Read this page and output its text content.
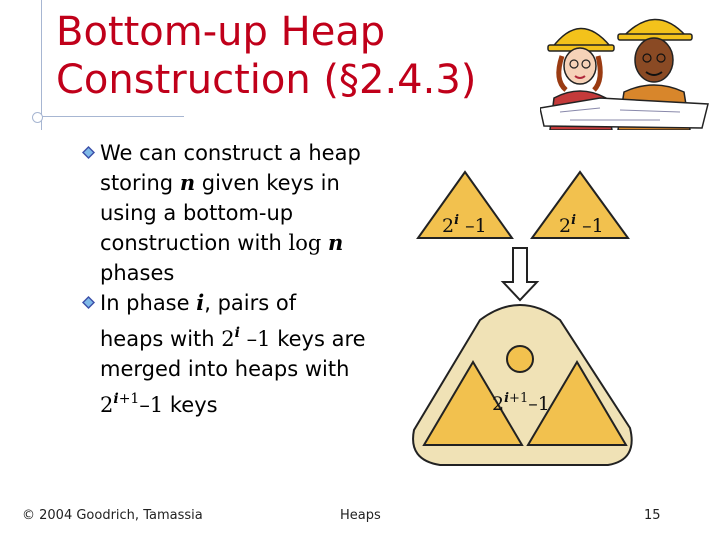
Bottom-up Heap
Construction (§2.4.3)
We can construct a heap
storing n given keys in
using a bottom-up
construction with log n
phases
In phase i, pairs of
heaps with 2$^i$ –1 keys are
merged into heaps with
$2^{i+1}-1$ keys
2$^i$ –1	2$^i$ –1
$2^i+1-1$
© 2004 Goodrich, Tamassia	Heaps	15
